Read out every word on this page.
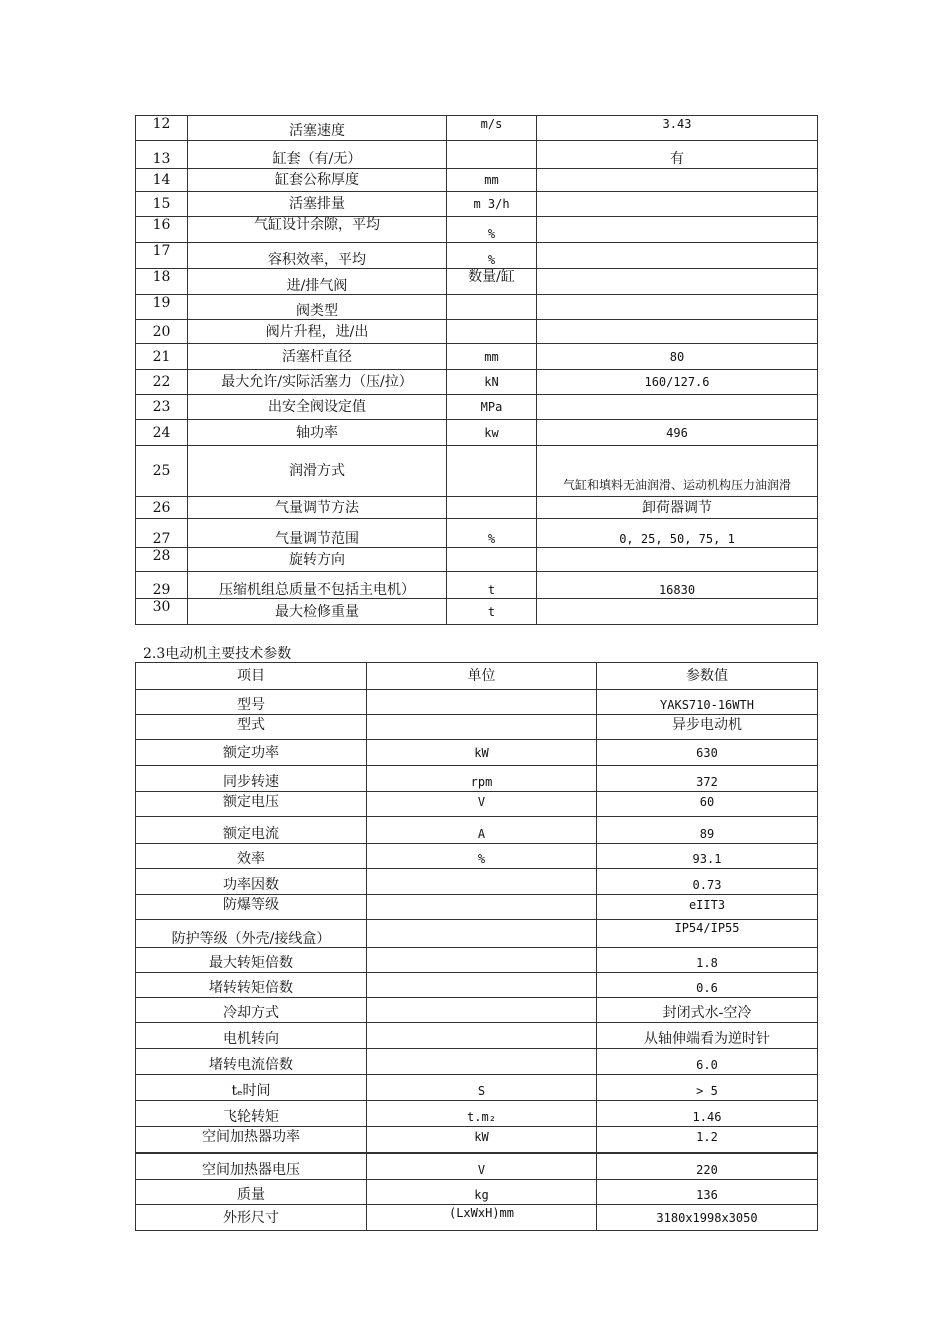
12	活塞速度	m/s	3.43
13	缸套（有/无）		有
14	缸套公称厚度	mm	
15	活塞排量	m 3/h	
16	气缸设计余隙，平均	%	
17	容积效率，平均	%	
18	进/排气阀	数量/缸	
19	阀类型		
20	阀片升程，进/出		
21	活塞杆直径	mm	80
22	最大允许/实际活塞力（压/拉）	kN	160/127.6
23	出安全阀设定值	MPa	
24	轴功率	kw	496
25	润滑方式		气缸和填料无油润滑、运动机构压力油润滑
26	气量调节方法		卸荷器调节
27	气量调节范围	%	0, 25, 50, 75, 1
28	旋转方向		
29	压缩机组总质量不包括主电机）	t	16830
30	最大检修重量	t	
2.3电动机主要技术参数
项目	单位	参数值
型号		YAKS710-16WTH
型式		异步电动机
额定功率	kW	630
同步转速	rpm	372
额定电压	V	60
额定电流	A	89
效率	%	93.1
功率因数		0.73
防爆等级		eIIT3
防护等级（外壳/接线盒）		IP54/IP55
最大转矩倍数		1.8
堵转转矩倍数		0.6
冷却方式		封闭式水-空冷
电机转向		从轴伸端看为逆时针
堵转电流倍数		6.0
tₑ时间	S	> 5
飞轮转矩	t.m₂	1.46
空间加热器功率	kW	1.2
空间加热器电压	V	220
质量	kg	136
外形尺寸	(LxWxH)mm	3180x1998x3050
